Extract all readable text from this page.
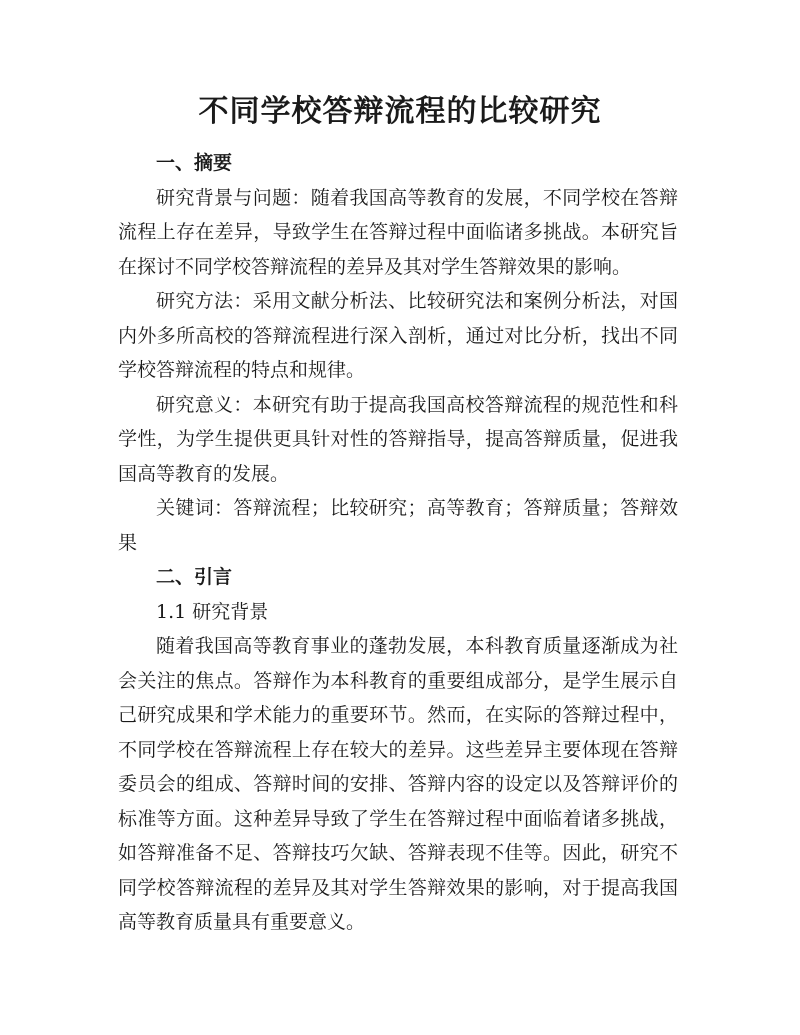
不同学校答辩流程的比较研究

一、摘要

研究背景与问题：随着我国高等教育的发展，不同学校在答辩流程上存在差异，导致学生在答辩过程中面临诸多挑战。本研究旨在探讨不同学校答辩流程的差异及其对学生答辩效果的影响。

研究方法：采用文献分析法、比较研究法和案例分析法，对国内外多所高校的答辩流程进行深入剖析，通过对比分析，找出不同学校答辩流程的特点和规律。

研究意义：本研究有助于提高我国高校答辩流程的规范性和科学性，为学生提供更具针对性的答辩指导，提高答辩质量，促进我国高等教育的发展。

关键词：答辩流程；比较研究；高等教育；答辩质量；答辩效果

二、引言

1.1 研究背景

随着我国高等教育事业的蓬勃发展，本科教育质量逐渐成为社会关注的焦点。答辩作为本科教育的重要组成部分，是学生展示自己研究成果和学术能力的重要环节。然而，在实际的答辩过程中，不同学校在答辩流程上存在较大的差异。这些差异主要体现在答辩委员会的组成、答辩时间的安排、答辩内容的设定以及答辩评价的标准等方面。这种差异导致了学生在答辩过程中面临着诸多挑战，如答辩准备不足、答辩技巧欠缺、答辩表现不佳等。因此，研究不同学校答辩流程的差异及其对学生答辩效果的影响，对于提高我国高等教育质量具有重要意义。
